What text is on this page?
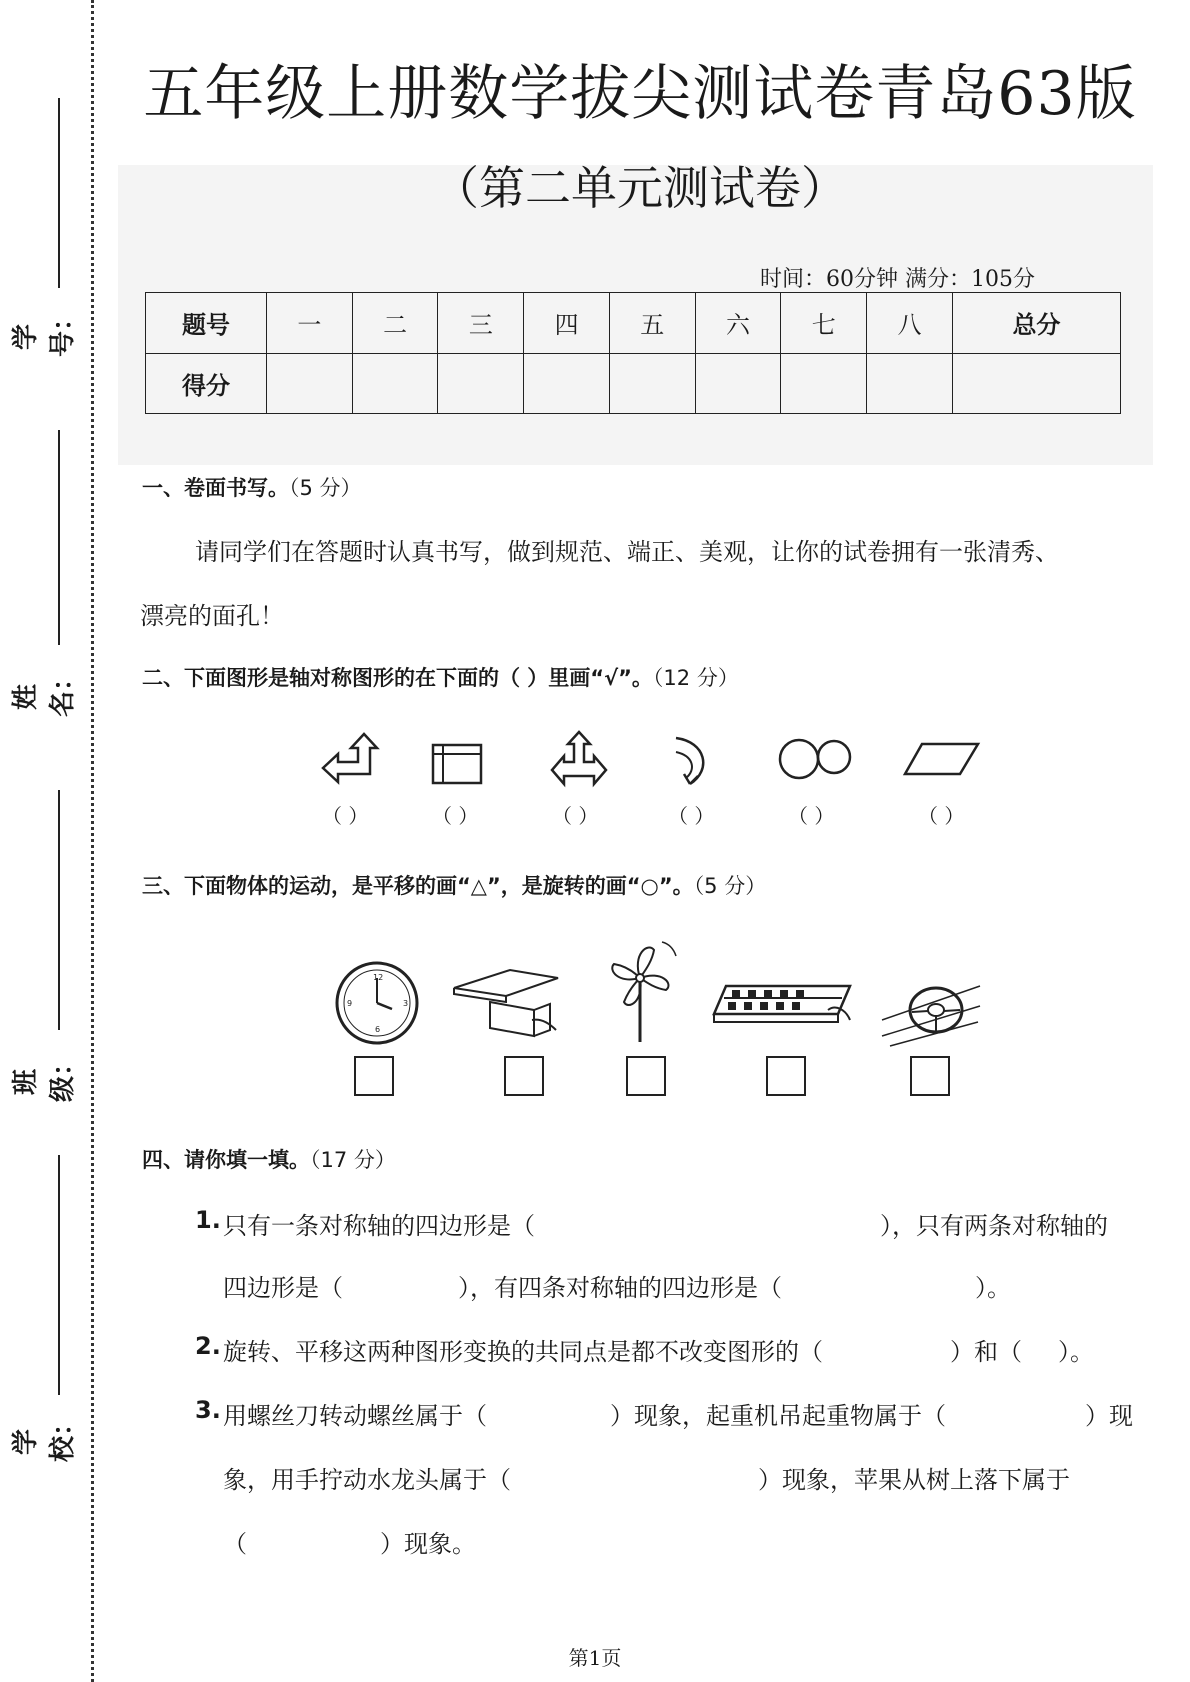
学号：
姓名：
班级：
学校：
五年级上册数学拔尖测试卷青岛63版
（第二单元测试卷）
时间：60分钟 满分：105分
题号	一	二	三	四	五	六	七	八	总分
得分									
一、卷面书写。（5 分）
请同学们在答题时认真书写，做到规范、端正、美观，让你的试卷拥有一张清秀、
漂亮的面孔！
二、下面图形是轴对称图形的在下面的（ ）里画“√”。（12 分）
（ ）	（ ）	（ ）	（ ）	（ ）	（ ）
三、下面物体的运动，是平移的画“△”，是旋转的画“○”。（5 分）
12
3
6
9
四、请你填一填。（17 分）
1. 只有一条对称轴的四边形是（	），只有两条对称轴的
四边形是（	），有四条对称轴的四边形是（	）。
2. 旋转、平移这两种图形变换的共同点是都不改变图形的（	）和（ ）。
3. 用螺丝刀转动螺丝属于（	）现象，起重机吊起重物属于（	）现
象，用手拧动水龙头属于（	）现象，苹果从树上落下属于
（	）现象。
第1页
